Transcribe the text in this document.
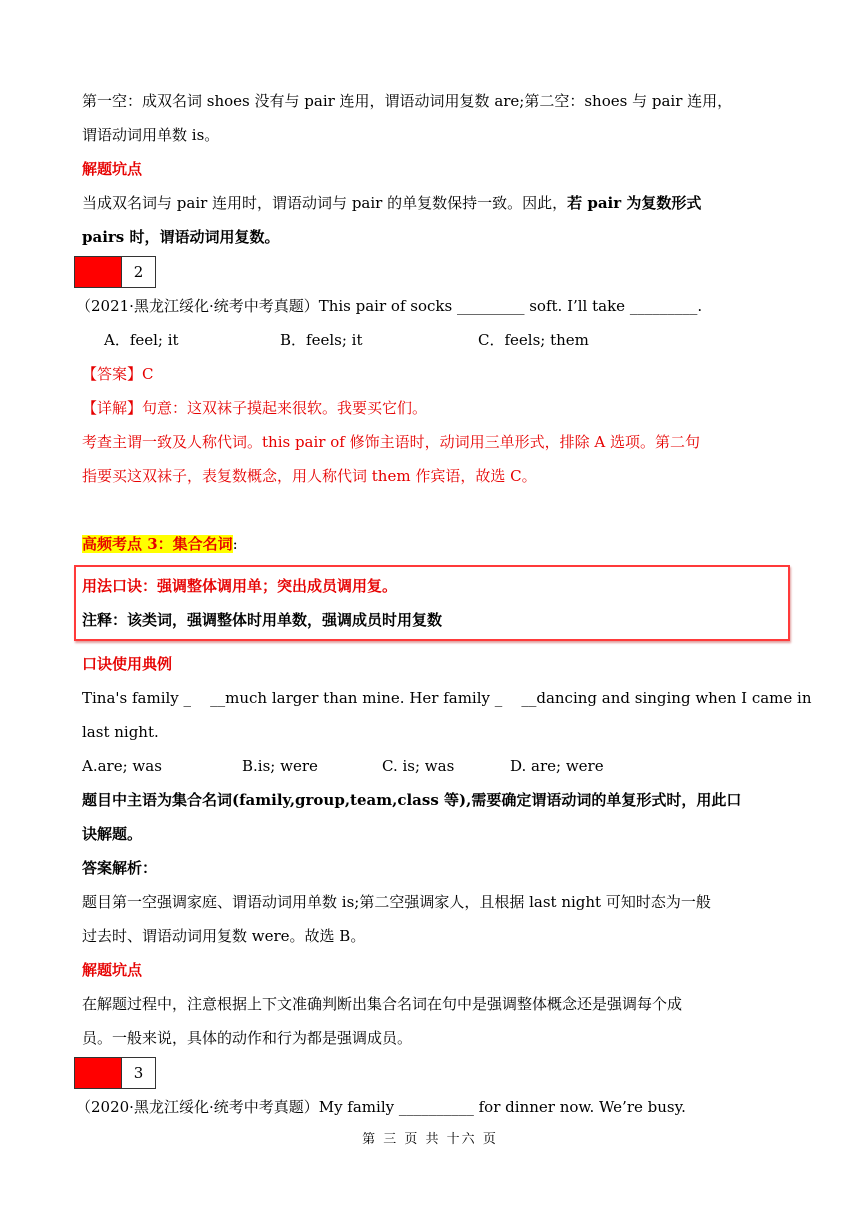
第一空：成双名词 shoes 没有与 pair 连用，谓语动词用复数 are;第二空：shoes 与 pair 连用，

谓语动词用单数 is。

解题坑点

当成双名词与 pair 连用时，谓语动词与 pair 的单复数保持一致。因此，若 pair 为复数形式

pairs 时，谓语动词用复数。

2

（2021·黑龙江绥化·统考中考真题）This pair of socks _________ soft. I’ll take _________.

A．feel; it	B．feels; it	C．feels; them

【答案】C

【详解】句意：这双袜子摸起来很软。我要买它们。

考查主谓一致及人称代词。this pair of 修饰主语时，动词用三单形式，排除 A 选项。第二句

指要买这双袜子，表复数概念，用人称代词 them 作宾语，故选 C。

高频考点 3：集合名词:

用法口诀：强调整体调用单；突出成员调用复。

注释：该类词，强调整体时用单数，强调成员时用复数

口诀使用典例

Tina's family _    __much larger than mine. Her family _    __dancing and singing when I came in

last night.

A.are; was	B.is; were	C. is; was	D. are; were

题目中主语为集合名词(family,group,team,class 等),需要确定谓语动词的单复形式时，用此口

诀解题。

答案解析：

题目第一空强调家庭、谓语动词用单数 is;第二空强调家人，且根据 last night 可知时态为一般

过去时、谓语动词用复数 were。故选 B。

解题坑点

在解题过程中，注意根据上下文准确判断出集合名词在句中是强调整体概念还是强调每个成

员。一般来说，具体的动作和行为都是强调成员。

3

（2020·黑龙江绥化·统考中考真题）My family __________ for dinner now. We’re busy.

第 三 页 共 十六 页
